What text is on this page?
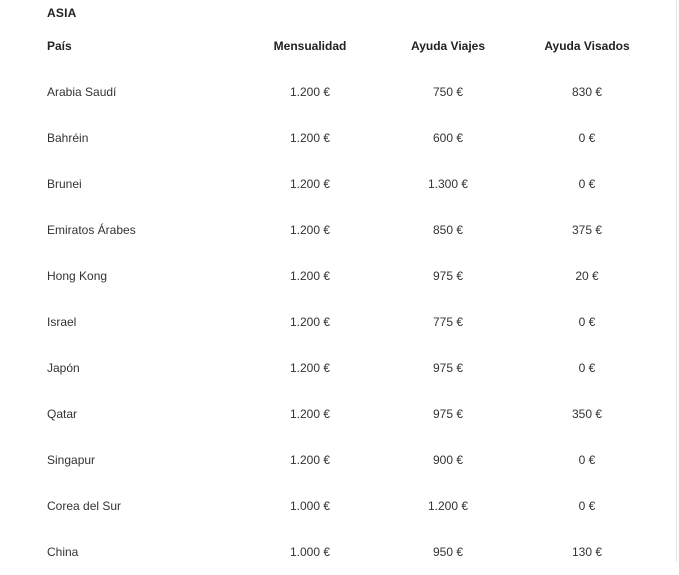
ASIA
País	Mensualidad	Ayuda Viajes	Ayuda Visados
Arabia Saudí	1.200 €	750 €	830 €
Bahréin	1.200 €	600 €	0 €
Brunei	1.200 €	1.300 €	0 €
Emiratos Árabes	1.200 €	850 €	375 €
Hong Kong	1.200 €	975 €	20 €
Israel	1.200 €	775 €	0 €
Japón	1.200 €	975 €	0 €
Qatar	1.200 €	975 €	350 €
Singapur	1.200 €	900 €	0 €
Corea del Sur	1.000 €	1.200 €	0 €
China	1.000 €	950 €	130 €
